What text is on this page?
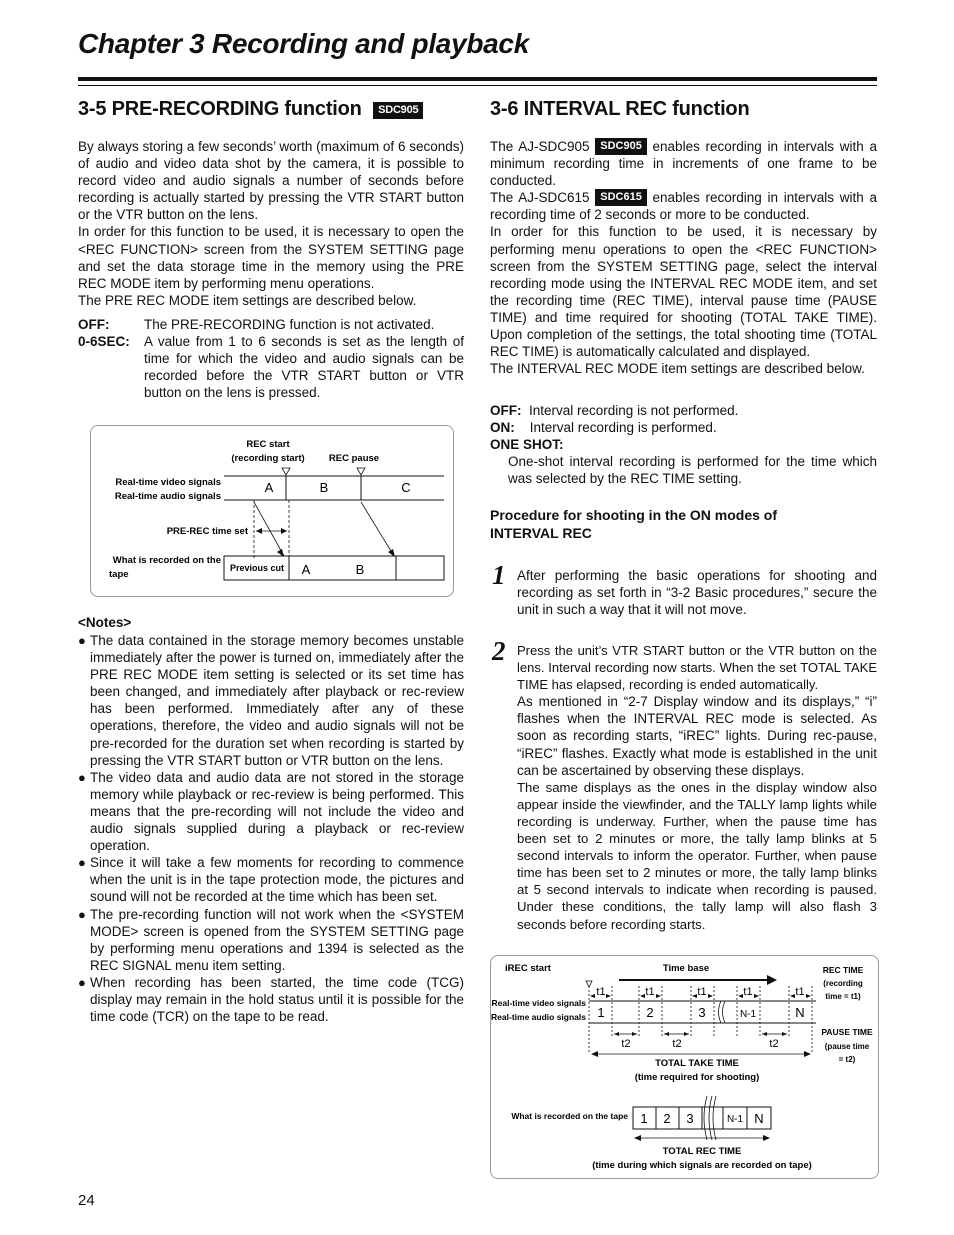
Chapter 3 Recording and playback
3-5 PRE-RECORDING function SDC905

By always storing a few seconds’ worth (maximum of 6 seconds) of audio and video data shot by the camera, it is possible to record video and audio signals a number of seconds before recording is actually started by pressing the VTR START button or the VTR button on the lens.

In order for this function to be used, it is necessary to open the <REC FUNCTION> screen from the SYSTEM SETTING page and set the data storage time in the memory using the PRE REC MODE item by performing menu operations.

The PRE REC MODE item settings are described below.

OFF:	The PRE-RECORDING function is not activated.
0-6SEC:	A value from 1 to 6 seconds is set as the length of time for which the video and audio signals can be recorded before the VTR START button or VTR button on the lens is pressed.
REC start
(recording start)	REC pause
Real-time video signals
Real-time audio signals
A	B	C
PRE-REC time set
What is recorded on the
tape
Previous cut A	B
<Notes>
● The data contained in the storage memory becomes unstable immediately after the power is turned on, immediately after the PRE REC MODE item setting is selected or its set time has been changed, and immediately after playback or rec-review has been performed. Immediately after any of these operations, therefore, the video and audio signals will not be pre-recorded for the duration set when recording is started by pressing the VTR START button or VTR button on the lens.
● The video data and audio data are not stored in the storage memory while playback or rec-review is being performed. This means that the pre-recording will not include the video and audio signals supplied during a playback or rec-review operation.
● Since it will take a few moments for recording to commence when the unit is in the tape protection mode, the pictures and sound will not be recorded at the time which has been set.
● The pre-recording function will not work when the <SYSTEM MODE> screen is opened from the SYSTEM SETTING page by performing menu operations and 1394 is selected as the REC SIGNAL menu item setting.
● When recording has been started, the time code (TCG) display may remain in the hold status until it is possible for the time code (TCR) on the tape to be read.
3-6 INTERVAL REC function

The AJ-SDC905 SDC905 enables recording in intervals with a minimum recording time in increments of one frame to be conducted.

The AJ-SDC615 SDC615 enables recording in intervals with a recording time of 2 seconds or more to be conducted.

In order for this function to be used, it is necessary by performing menu operations to open the <REC FUNCTION> screen from the SYSTEM SETTING page, select the interval recording mode using the INTERVAL REC MODE item, and set the recording time (REC TIME), interval pause time (PAUSE TIME) and time required for shooting (TOTAL TAKE TIME). Upon completion of the settings, the total shooting time (TOTAL REC TIME) is automatically calculated and displayed.

The INTERVAL REC MODE item settings are described below.

OFF: Interval recording is not performed.
ON: Interval recording is performed.
ONE SHOT:
One-shot interval recording is performed for the time which was selected by the REC TIME setting.
Procedure for shooting in the ON modes of
INTERVAL REC
1 After performing the basic operations for shooting and recording as set forth in “3-2 Basic procedures,” secure the unit in such a way that it will not move.

2 Press the unit’s VTR START button or the VTR button on the lens. Interval recording now starts. When the set TOTAL TAKE TIME has elapsed, recording is ended automatically.

As mentioned in “2-7 Display window and its displays,” “i” flashes when the INTERVAL REC mode is selected. As soon as recording starts, “iREC” lights. During rec-pause, “iREC” flashes. Exactly what mode is established in the unit can be ascertained by observing these displays.

The same displays as the ones in the display window also appear inside the viewfinder, and the TALLY lamp lights while recording is underway. Further, when the pause time has been set to 2 minutes or more, the tally lamp blinks at 5 second intervals to inform the operator. Further, when pause time has been set to 2 minutes or more, the tally lamp blinks at 5 second intervals to indicate when recording is paused. Under these conditions, the tally lamp will also flash 3 seconds before recording starts.

iREC start	Time base	REC TIME
(recording
time = t1)
PAUSE TIME
(pause time
= t2)
Real-time video signals
Real-time audio signals
t1	t1	t1	t1	t1
1	2	3	N-1	N
t2	t2	t2
TOTAL TAKE TIME
(time required for shooting)
What is recorded on the tape 1 2 3	N-1 N
TOTAL REC TIME
(time during which signals are recorded on tape)
24
